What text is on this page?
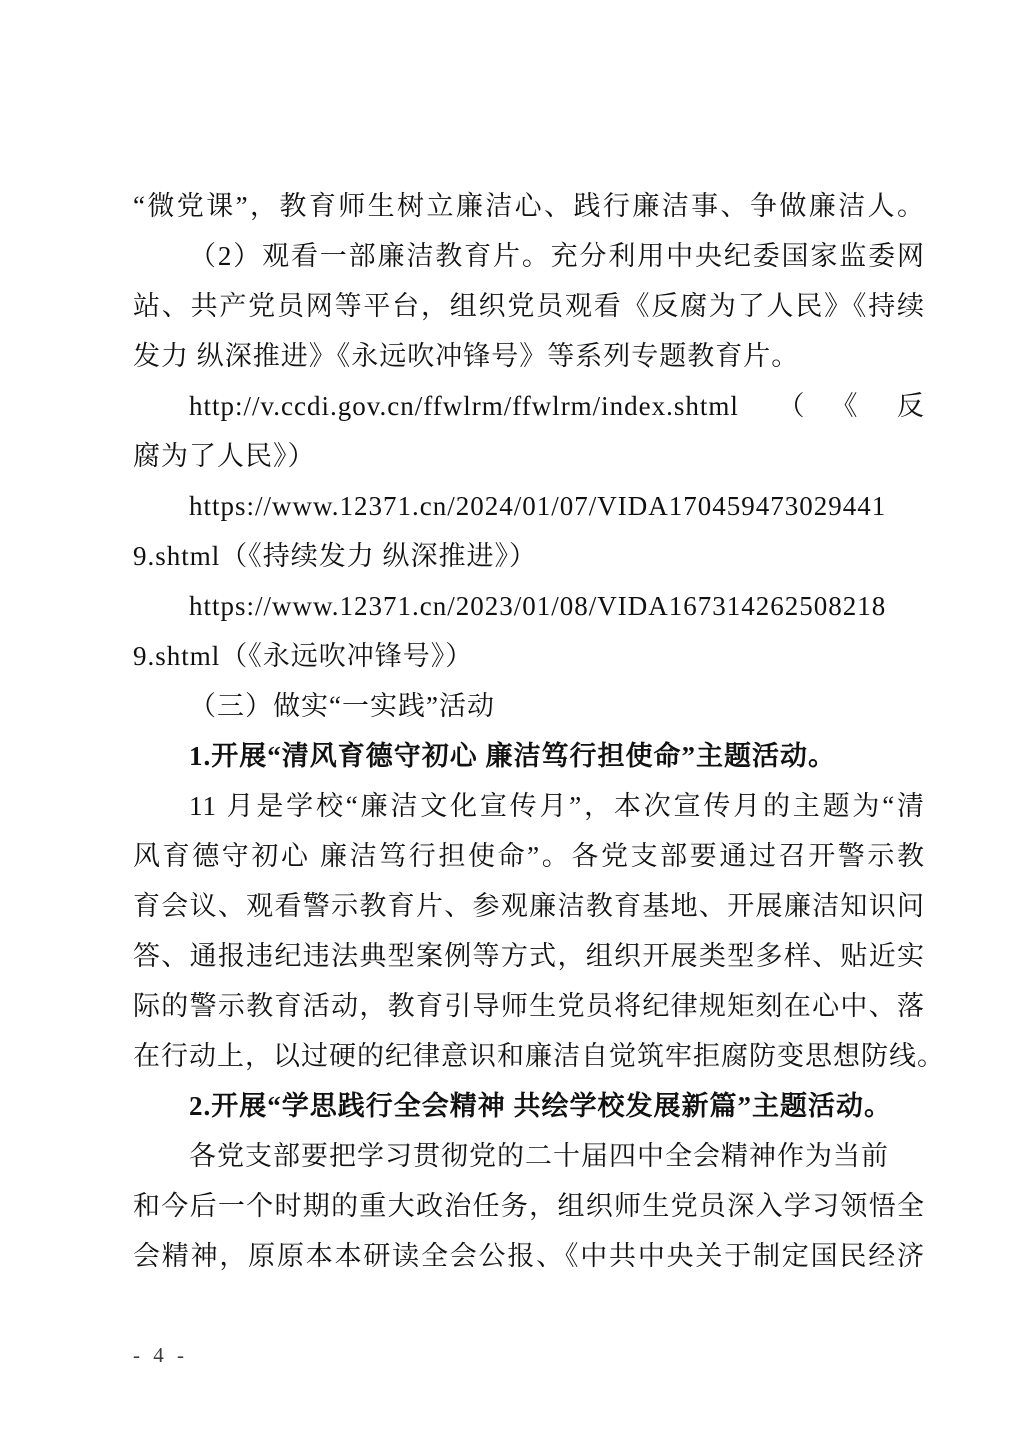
“微党课”，教育师生树立廉洁心、践行廉洁事、争做廉洁人。
（2）观看一部廉洁教育片。充分利用中央纪委国家监委网
站、共产党员网等平台，组织党员观看《反腐为了人民》《持续
发力 纵深推进》《永远吹冲锋号》等系列专题教育片。
http://v.ccdi.gov.cn/ffwlrm/ffwlrm/index.shtml（《反
腐为了人民》）
https://www.12371.cn/2024/01/07/VIDA170459473029441
9.shtml（《持续发力 纵深推进》）
https://www.12371.cn/2023/01/08/VIDA167314262508218
9.shtml（《永远吹冲锋号》）
（三）做实“一实践”活动
1.开展“清风育德守初心 廉洁笃行担使命”主题活动。
11 月是学校“廉洁文化宣传月”，本次宣传月的主题为“清
风育德守初心 廉洁笃行担使命”。各党支部要通过召开警示教
育会议、观看警示教育片、参观廉洁教育基地、开展廉洁知识问
答、通报违纪违法典型案例等方式，组织开展类型多样、贴近实
际的警示教育活动，教育引导师生党员将纪律规矩刻在心中、落
在行动上，以过硬的纪律意识和廉洁自觉筑牢拒腐防变思想防线。
2.开展“学思践行全会精神 共绘学校发展新篇”主题活动。
各党支部要把学习贯彻党的二十届四中全会精神作为当前
和今后一个时期的重大政治任务，组织师生党员深入学习领悟全
会精神，原原本本研读全会公报、《中共中央关于制定国民经济
- 4 -
